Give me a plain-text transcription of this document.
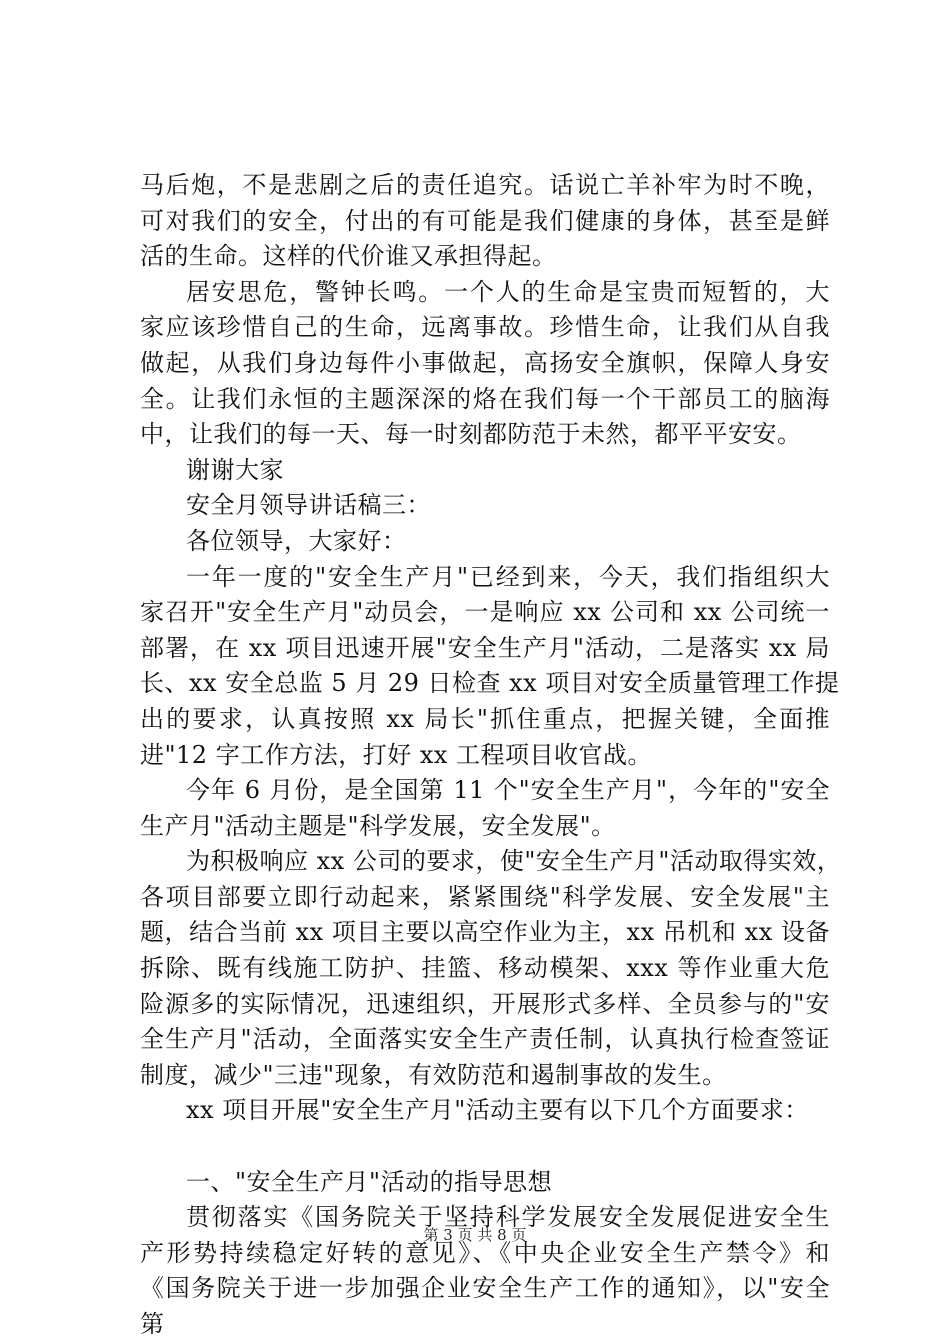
马后炮，不是悲剧之后的责任追究。话说亡羊补牢为时不晚，
可对我们的安全，付出的有可能是我们健康的身体，甚至是鲜
活的生命。这样的代价谁又承担得起。
居安思危，警钟长鸣。一个人的生命是宝贵而短暂的，大
家应该珍惜自己的生命，远离事故。珍惜生命，让我们从自我
做起，从我们身边每件小事做起，高扬安全旗帜，保障人身安
全。让我们永恒的主题深深的烙在我们每一个干部员工的脑海
中，让我们的每一天、每一时刻都防范于未然，都平平安安。
谢谢大家
安全月领导讲话稿三：
各位领导，大家好：
一年一度的"安全生产月"已经到来，今天，我们指组织大
家召开"安全生产月"动员会，一是响应 xx 公司和 xx 公司统一
部署，在 xx 项目迅速开展"安全生产月"活动，二是落实 xx 局
长、xx 安全总监 5 月 29 日检查 xx 项目对安全质量管理工作提
出的要求，认真按照 xx 局长"抓住重点，把握关键，全面推
进"12 字工作方法，打好 xx 工程项目收官战。
今年 6 月份，是全国第 11 个"安全生产月"，今年的"安全
生产月"活动主题是"科学发展，安全发展"。
为积极响应 xx 公司的要求，使"安全生产月"活动取得实效，
各项目部要立即行动起来，紧紧围绕"科学发展、安全发展"主
题，结合当前 xx 项目主要以高空作业为主，xx 吊机和 xx 设备
拆除、既有线施工防护、挂篮、移动模架、xxx 等作业重大危
险源多的实际情况，迅速组织，开展形式多样、全员参与的"安
全生产月"活动，全面落实安全生产责任制，认真执行检查签证
制度，减少"三违"现象，有效防范和遏制事故的发生。
xx 项目开展"安全生产月"活动主要有以下几个方面要求：
一、"安全生产月"活动的指导思想
贯彻落实《国务院关于坚持科学发展安全发展促进安全生
产形势持续稳定好转的意见》、《中央企业安全生产禁令》和
《国务院关于进一步加强企业安全生产工作的通知》，以"安全
第
第 3 页 共 8 页
